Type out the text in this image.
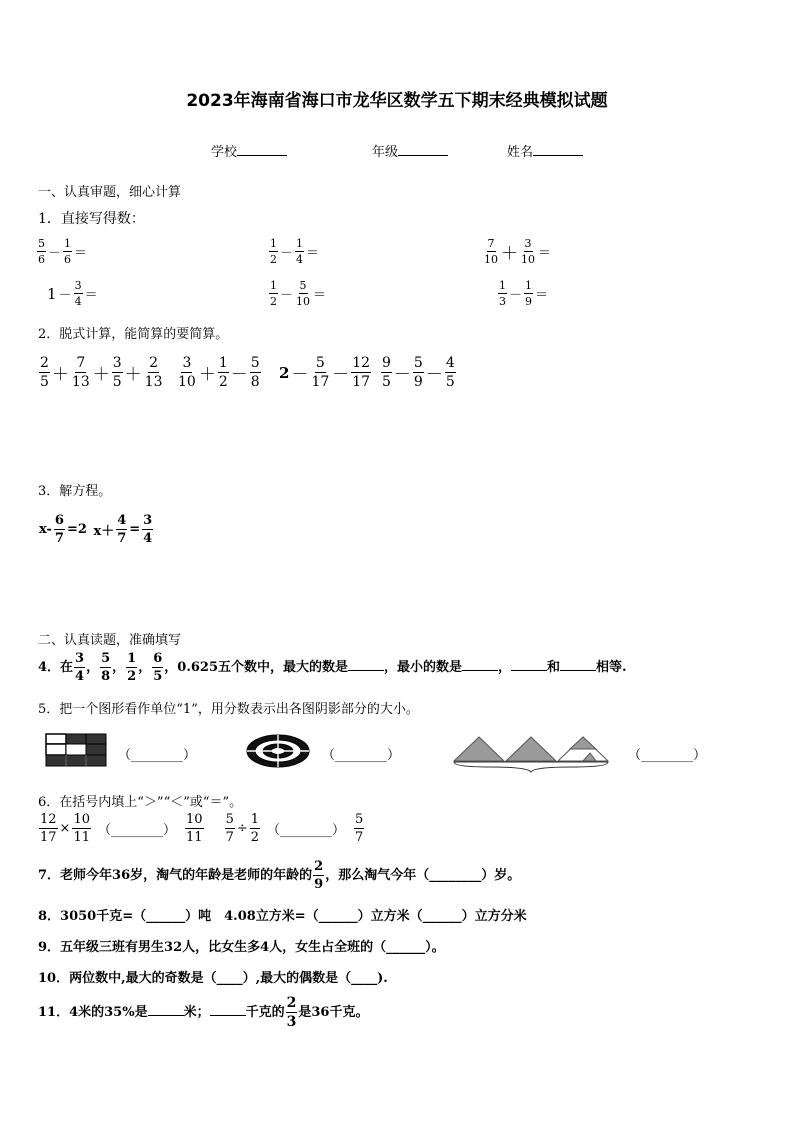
2023年海南省海口市龙华区数学五下期末经典模拟试题
学校	年级	姓名
一、认真审题，细心计算
1．直接写得数：
$\frac{5}{6} - \frac{1}{6}$ ＝	$\frac{1}{2} - \frac{1}{4}$ ＝	$\frac{7}{10} + \frac{3}{10}$ ＝
$1 - \frac{3}{4}$ ＝	$\frac{1}{2} - \frac{5}{10}$ ＝	$\frac{1}{3} - \frac{1}{9}$ ＝
2．脱式计算，能简算的要简算。
$\frac{2}{5} + \frac{7}{13} + \frac{3}{5} + \frac{2}{13} \frac{3}{10} + \frac{1}{2} - \frac{5}{8} 2 - \frac{5}{17} - \frac{12}{17} \frac{9}{5} - \frac{5}{9} - \frac{4}{5}$
3．解方程。
$x- \frac{6}{7} =2$ $x+ \frac{4}{7} = \frac{3}{4}$
二、认真读题，准确填写
4．在 $\frac{3}{4}$ ， $\frac{5}{8}$ ， $\frac{1}{2}$ ， $\frac{6}{5}$ ，0.625五个数中，最大的数是	，最小的数是	，	和	相等.
5．把一个图形看作单位“1”，用分数表示出各图阴影部分的大小。
（________）	（________）	（________）
6．在括号内填上“＞”“＜”或“＝”。
$\frac{12}{17} \times \frac{10}{11}$ （________） $\frac{10}{11} \frac{5}{7} \div \frac{1}{2}$ （________） $\frac{5}{7}$
7．老师今年36岁，淘气的年龄是老师的年龄的 $\frac{2}{9}$ ，那么淘气今年（________）岁。
8．3050千克=（______）吨　4.08立方米=（______）立方米（______）立方分米
9．五年级三班有男生32人，比女生多4人，女生占全班的（______）。
10．两位数中,最大的奇数是（____）,最大的偶数是（____).
11．4米的35%是	米；	千克的 $\frac{2}{3}$ 是36千克。
